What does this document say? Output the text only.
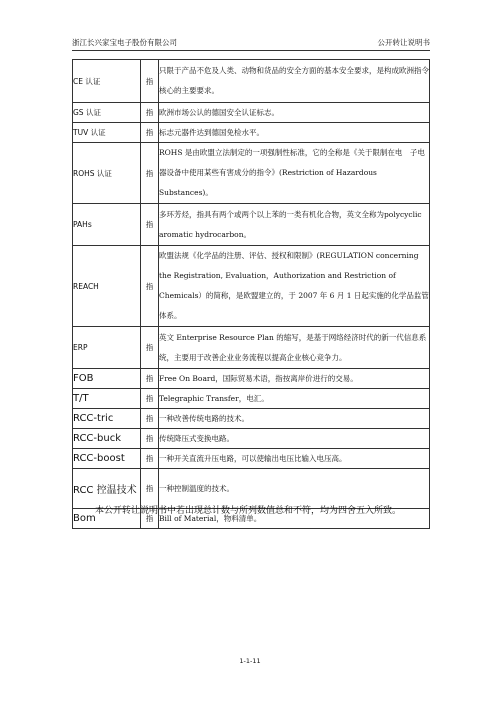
浙江长兴家宝电子股份有限公司	公开转让说明书
CE 认证	指	只限于产品不危及人类、动物和货品的安全方面的基本安全要求，是构成欧洲指令核心的主要要求。
GS 认证	指	欧洲市场公认的德国安全认证标志。
TUV 认证	指	标志元器件达到德国免检水平。
ROHS 认证	指	ROHS 是由欧盟立法制定的一项强制性标准，它的全称是《关于限制在电　子电器设备中使用某些有害成分的指令》(Restriction of Hazardous Substances)。
PAHs	指	多环芳烃，指具有两个或两个以上苯的一类有机化合物，英文全称为polycyclic aromatic hydrocarbon。
REACH	指	欧盟法规《化学品的注册、评估、授权和限制》(REGULATION concerning the Registration, Evaluation，Authorization and Restriction of Chemicals）的简称，是欧盟建立的，于 2007 年 6 月 1 日起实施的化学品监管体系。
ERP	指	英文 Enterprise Resource Plan 的缩写，是基于网络经济时代的新一代信息系统，主要用于改善企业业务流程以提高企业核心竞争力。
FOB	指	Free On Board，国际贸易术语，指按离岸价进行的交易。
T/T	指	Telegraphic Transfer，电汇。
RCC-tric	指	一种改善传统电路的技术。
RCC-buck	指	传统降压式变换电路。
RCC-boost	指	一种开关直流升压电路，可以使输出电压比输入电压高。
RCC 控温技术	指	一种控制温度的技术。
Bom	指	Bill of Material，物料清单。
本公开转让说明书中若出现总计数与所列数值总和不符，均为四舍五入所致。
1-1-11
